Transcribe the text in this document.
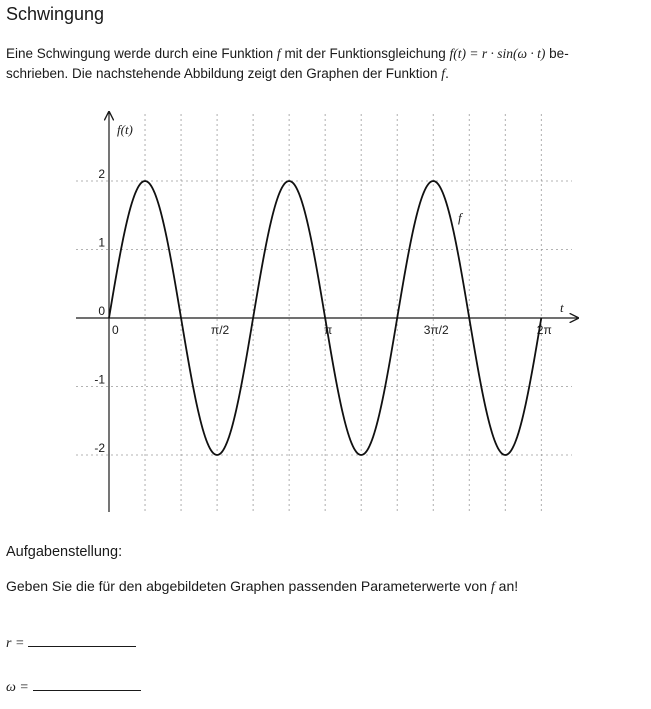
Schwingung
Eine Schwingung werde durch eine Funktion f mit der Funktionsgleichung f(t) = r · sin(ω · t) be-
schrieben. Die nachstehende Abbildung zeigt den Graphen der Funktion f.
-2
-1
0
1
2
0	π/2	π	3π/2	2π
f(t)
t
f
Aufgabenstellung:
Geben Sie die für den abgebildeten Graphen passenden Parameterwerte von f an!
r =
ω =
